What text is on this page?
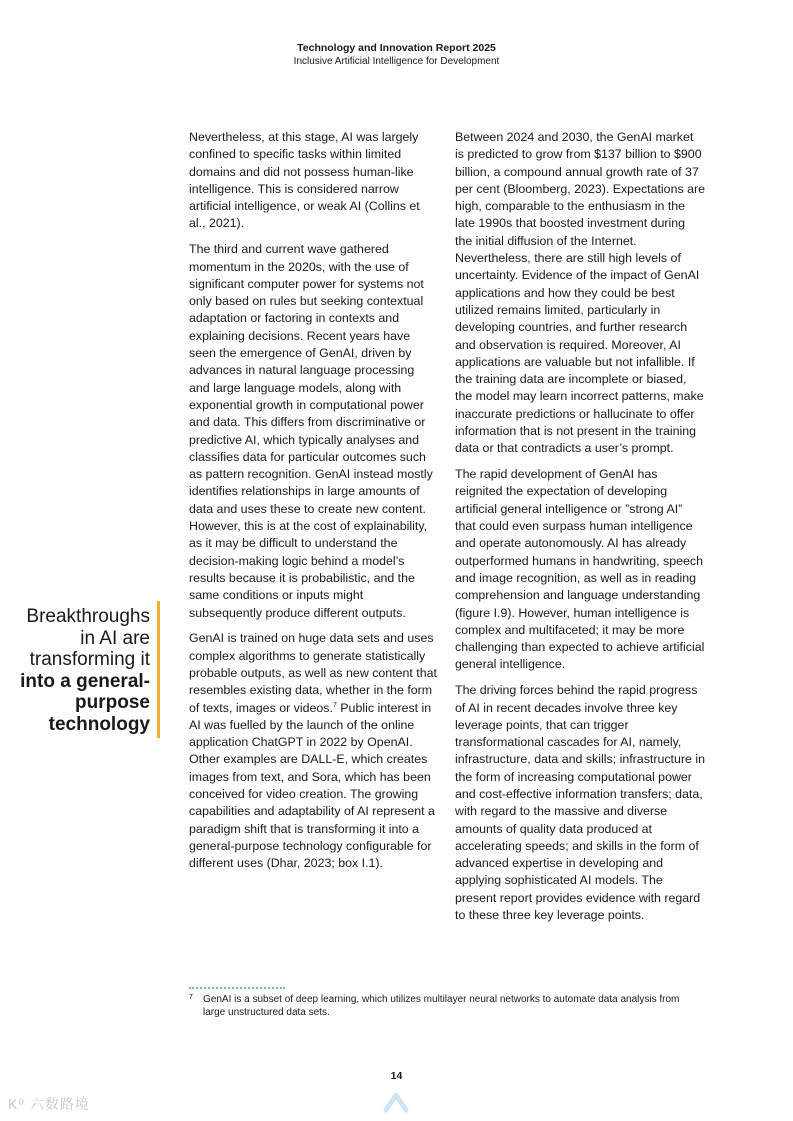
Technology and Innovation Report 2025
Inclusive Artificial Intelligence for Development

Nevertheless, at this stage, AI was largely confined to specific tasks within limited domains and did not possess human-like intelligence. This is considered narrow artificial intelligence, or weak AI (Collins et al., 2021).

The third and current wave gathered momentum in the 2020s, with the use of significant computer power for systems not only based on rules but seeking contextual adaptation or factoring in contexts and explaining decisions. Recent years have seen the emergence of GenAI, driven by advances in natural language processing and large language models, along with exponential growth in computational power and data. This differs from discriminative or predictive AI, which typically analyses and classifies data for particular outcomes such as pattern recognition. GenAI instead mostly identifies relationships in large amounts of data and uses these to create new content. However, this is at the cost of explainability, as it may be difficult to understand the decision-making logic behind a model’s results because it is probabilistic, and the same conditions or inputs might subsequently produce different outputs.

GenAI is trained on huge data sets and uses complex algorithms to generate statistically probable outputs, as well as new content that resembles existing data, whether in the form of texts, images or videos.$^7$ Public interest in AI was fuelled by the launch of the online application ChatGPT in 2022 by OpenAI. Other examples are DALL-E, which creates images from text, and Sora, which has been conceived for video creation. The growing capabilities and adaptability of AI represent a paradigm shift that is transforming it into a general-purpose technology configurable for different uses (Dhar, 2023; box I.1).

Between 2024 and 2030, the GenAI market is predicted to grow from $137 billion to $900 billion, a compound annual growth rate of 37 per cent (Bloomberg, 2023). Expectations are high, comparable to the enthusiasm in the late 1990s that boosted investment during the initial diffusion of the Internet. Nevertheless, there are still high levels of uncertainty. Evidence of the impact of GenAI applications and how they could be best utilized remains limited, particularly in developing countries, and further research and observation is required. Moreover, AI applications are valuable but not infallible. If the training data are incomplete or biased, the model may learn incorrect patterns, make inaccurate predictions or hallucinate to offer information that is not present in the training data or that contradicts a user’s prompt.

The rapid development of GenAI has reignited the expectation of developing artificial general intelligence or ”strong AI” that could even surpass human intelligence and operate autonomously. AI has already outperformed humans in handwriting, speech and image recognition, as well as in reading comprehension and language understanding (figure I.9). However, human intelligence is complex and multifaceted; it may be more challenging than expected to achieve artificial general intelligence.

The driving forces behind the rapid progress of AI in recent decades involve three key leverage points, that can trigger transformational cascades for AI, namely, infrastructure, data and skills; infrastructure in the form of increasing computational power and cost-effective information transfers; data, with regard to the massive and diverse amounts of quality data produced at accelerating speeds; and skills in the form of advanced expertise in developing and applying sophisticated AI models. The present report provides evidence with regard to these three key leverage points.

Breakthroughs
in AI are
transforming it
into a general-
purpose
technology
7 GenAI is a subset of deep learning, which utilizes multilayer neural networks to automate data analysis from large unstructured data sets.
14
K⁰ 六数路境
